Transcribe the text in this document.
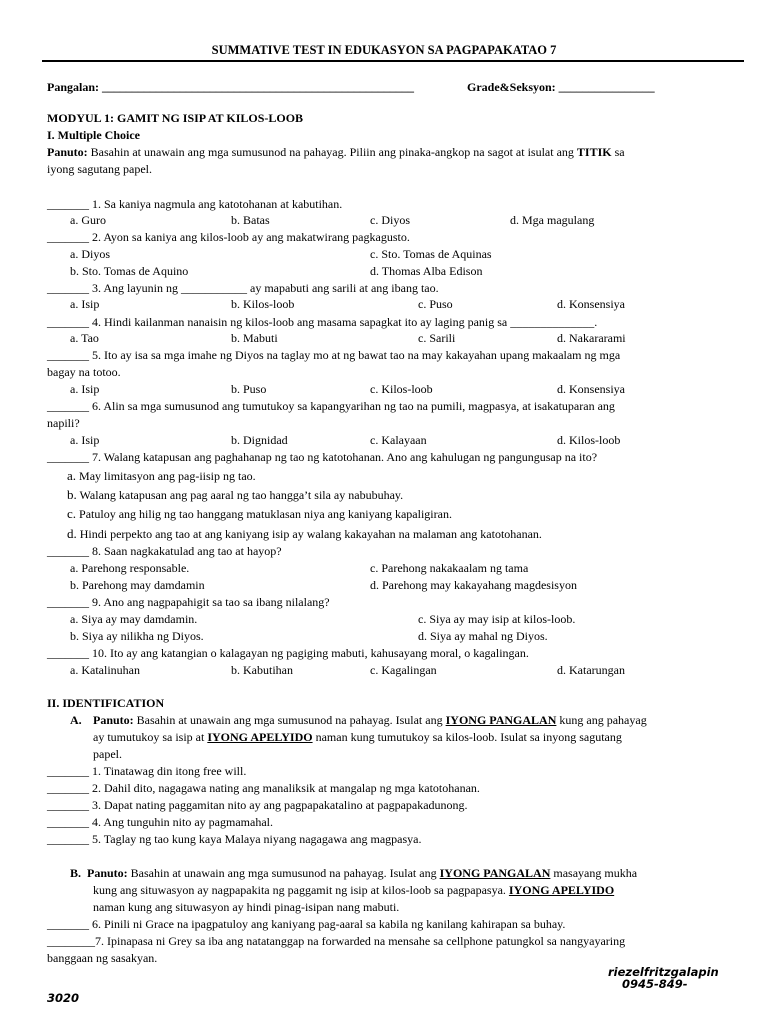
SUMMATIVE TEST IN EDUKASYON SA PAGPAPAKATAO 7
Pangalan: ____________________________________________________	Grade&Seksyon: ________________
MODYUL 1: GAMIT NG ISIP AT KILOS-LOOB
I. Multiple Choice
Panuto: Basahin at unawain ang mga sumusunod na pahayag. Piliin ang pinaka-angkop na sagot at isulat ang TITIK sa
iyong sagutang papel.
_______ 1. Sa kaniya nagmula ang katotohanan at kabutihan.
a. Guro	b. Batas	c. Diyos	d. Mga magulang
_______ 2. Ayon sa kaniya ang kilos-loob ay ang makatwirang pagkagusto.
a. Diyos	c. Sto. Tomas de Aquinas
b. Sto. Tomas de Aquino	d. Thomas Alba Edison
_______ 3. Ang layunin ng ___________ ay mapabuti ang sarili at ang ibang tao.
a. Isip	b. Kilos-loob	c. Puso	d. Konsensiya
_______ 4. Hindi kailanman nanaisin ng kilos-loob ang masama sapagkat ito ay laging panig sa ______________.
a. Tao	b. Mabuti	c. Sarili	d. Nakararami
_______ 5. Ito ay isa sa mga imahe ng Diyos na taglay mo at ng bawat tao na may kakayahan upang makaalam ng mga
bagay na totoo.
a. Isip	b. Puso	c. Kilos-loob	d. Konsensiya
_______ 6. Alin sa mga sumusunod ang tumutukoy sa kapangyarihan ng tao na pumili, magpasya, at isakatuparan ang
napili?
a. Isip	b. Dignidad	c. Kalayaan	d. Kilos-loob
_______ 7. Walang katapusan ang paghahanap ng tao ng katotohanan. Ano ang kahulugan ng pangungusap na ito?
a. May limitasyon ang pag-iisip ng tao.
b. Walang katapusan ang pag aaral ng tao hangga’t sila ay nabubuhay.
c. Patuloy ang hilig ng tao hanggang matuklasan niya ang kaniyang kapaligiran.
d. Hindi perpekto ang tao at ang kaniyang isip ay walang kakayahan na malaman ang katotohanan.
_______ 8. Saan nagkakatulad ang tao at hayop?
a. Parehong responsable.	c. Parehong nakakaalam ng tama
b. Parehong may damdamin	d. Parehong may kakayahang magdesisyon
_______ 9. Ano ang nagpapahigit sa tao sa ibang nilalang?
a. Siya ay may damdamin.	c. Siya ay may isip at kilos-loob.
b. Siya ay nilikha ng Diyos.	d. Siya ay mahal ng Diyos.
_______ 10. Ito ay ang katangian o kalagayan ng pagiging mabuti, kahusayang moral, o kagalingan.
a. Katalinuhan	b. Kabutihan	c. Kagalingan	d. Katarungan
II. IDENTIFICATION
A. Panuto: Basahin at unawain ang mga sumusunod na pahayag. Isulat ang IYONG PANGALAN kung ang pahayag
ay tumutukoy sa isip at IYONG APELYIDO naman kung tumutukoy sa kilos-loob. Isulat sa inyong sagutang
papel.
_______ 1. Tinatawag din itong free will.
_______ 2. Dahil dito, nagagawa nating ang manaliksik at mangalap ng mga katotohanan.
_______ 3. Dapat nating paggamitan nito ay ang pagpapakatalino at pagpapakadunong.
_______ 4. Ang tunguhin nito ay pagmamahal.
_______ 5. Taglay ng tao kung kaya Malaya niyang nagagawa ang magpasya.
B. Panuto: Basahin at unawain ang mga sumusunod na pahayag. Isulat ang IYONG PANGALAN masayang mukha
kung ang situwasyon ay nagpapakita ng paggamit ng isip at kilos-loob sa pagpapasya. IYONG APELYIDO
naman kung ang situwasyon ay hindi pinag-isipan nang mabuti.
_______ 6. Pinili ni Grace na ipagpatuloy ang kaniyang pag-aaral sa kabila ng kanilang kahirapan sa buhay.
________7. Ipinapasa ni Grey sa iba ang natatanggap na forwarded na mensahe sa cellphone patungkol sa nangyayaring
banggaan ng sasakyan.
riezelfritzgalapin
0945-849-
3020
